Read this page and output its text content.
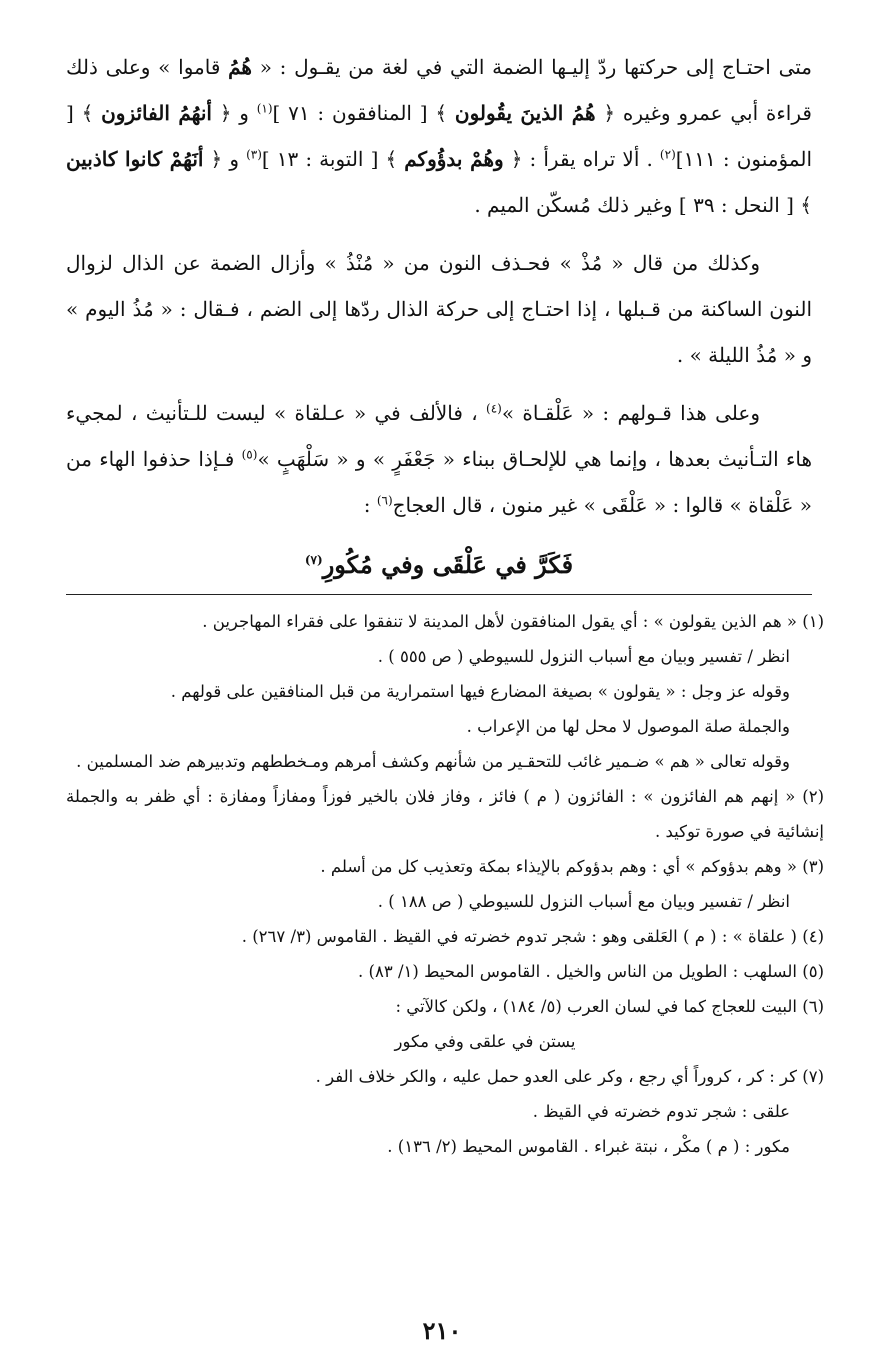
متى احتـاج إلى حركتها ردّ إليـها الضمة التي في لغة من يقـول : « هُمُ قاموا » وعلى ذلك قراءة أبي عمرو وغيره ﴿ هُمُ الذينَ يقُولون ﴾ [ المنافقون : ٧١ ]$^{(١)}$ و ﴿ أنهُمُ الفائزون ﴾ [ المؤمنون : ١١١]$^{(٢)}$ . ألا تراه يقرأ : ﴿ وهُمْ بدؤُوكم ﴾ [ التوبة : ١٣ ]$^{(٣)}$ و ﴿ أنَهُمْ كانوا كاذبين ﴾ [ النحل : ٣٩ ] وغير ذلك مُسكّن الميم .

وكذلك من قال « مُذْ » فحـذف النون من « مُنْذُ » وأزال الضمة عن الذال لزوال النون الساكنة من قـبلها ، إذا احتـاج إلى حركة الذال ردّها إلى الضم ، فـقال : « مُذُ اليوم » و « مُذُ الليلة » .

وعلى هذا قـولهم : « عَلْقـاة »$^{(٤)}$ ، فالألف في « عـلقاة » ليست للـتأنيث ، لمجيء هاء التـأنيث بعدها ، وإنما هي للإلحـاق ببناء « جَعْفَرٍ » و « سَلْهَبٍ »$^{(٥)}$ فـإذا حذفوا الهاء من « عَلْقاة » قالوا : « عَلْقَى » غير منون ، قال العجاج$^{(٦)}$ :

فَكَرَّ في عَلْقَى وفي مُكُورِ$^{(٧)}$

(١) « هم الذين يقولون » : أي يقول المنافقون لأهل المدينة لا تنفقوا على فقراء المهاجرين .

انظر / تفسير وبيان مع أسباب النزول للسيوطي ( ص ٥٥٥ ) .

وقوله عز وجل : « يقولون » بصيغة المضارع فيها استمرارية من قبل المنافقين على قولهم .

والجملة صلة الموصول لا محل لها من الإعراب .

وقوله تعالى « هم » ضـمير غائب للتحقـير من شأنهم وكشف أمرهم ومـخططهم وتدبيرهم ضد المسلمين .

(٢) « إنهم هم الفائزون » : الفائزون ( م ) فائز ، وفاز فلان بالخير فوزاً ومفازاً ومفازة : أي ظفر به والجملة إنشائية في صورة توكيد .

(٣) « وهم بدؤوكم » أي : وهم بدؤوكم بالإيذاء بمكة وتعذيب كل من أسلم .

انظر / تفسير وبيان مع أسباب النزول للسيوطي ( ص ١٨٨ ) .

(٤) ( علقاة » : ( م ) العَلقى وهو : شجر تدوم خضرته في القيظ . القاموس (٣/ ٢٦٧) .

(٥) السلهب : الطويل من الناس والخيل . القاموس المحيط (١/ ٨٣) .

(٦) البيت للعجاج كما في لسان العرب (٥/ ١٨٤) ، ولكن كالآتي :

يستن في علقى وفي مكور

(٧) كر : كر ، كروراً أي رجع ، وكر على العدو حمل عليه ، والكر خلاف الفر .

علقى : شجر تدوم خضرته في القيظ .

مكور : ( م ) مكْر ، نبتة غبراء . القاموس المحيط (٢/ ١٣٦) .

٢١٠
